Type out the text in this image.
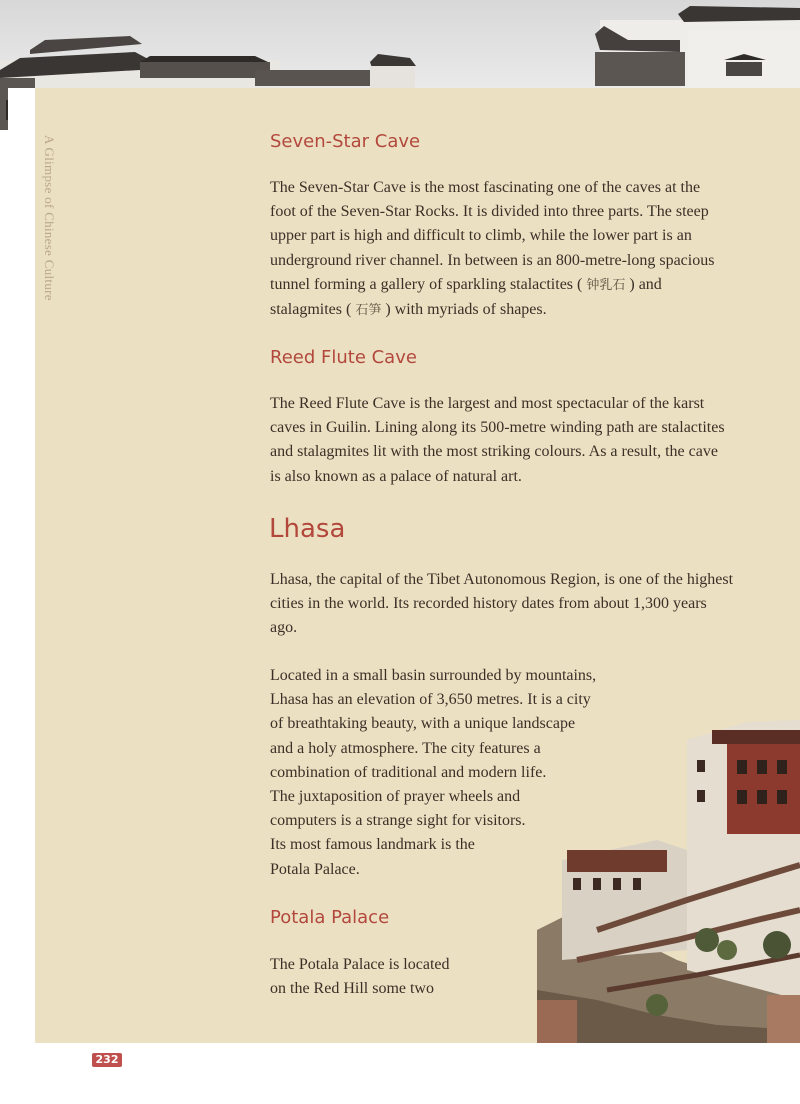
A Glimpse of Chinese Culture	Seven-Star Cave
The Seven-Star Cave is the most fascinating one of the caves at the
foot of the Seven-Star Rocks. It is divided into three parts. The steep
upper part is high and difficult to climb, while the lower part is an
underground river channel. In between is an 800-metre-long spacious
tunnel forming a gallery of sparkling stalactites ( 钟乳石 ) and
stalagmites ( 石笋 ) with myriads of shapes.
Reed Flute Cave
The Reed Flute Cave is the largest and most spectacular of the karst
caves in Guilin. Lining along its 500-metre winding path are stalactites
and stalagmites lit with the most striking colours. As a result, the cave
is also known as a palace of natural art.
Lhasa
Lhasa, the capital of the Tibet Autonomous Region, is one of the highest
cities in the world. Its recorded history dates from about 1,300 years
ago.
Located in a small basin surrounded by mountains,
Lhasa has an elevation of 3,650 metres. It is a city
of breathtaking beauty, with a unique landscape
and a holy atmosphere. The city features a
combination of traditional and modern life.
The juxtaposition of prayer wheels and
computers is a strange sight for visitors.
Its most famous landmark is the
Potala Palace.
Potala Palace
The Potala Palace is located
on the Red Hill some two
232
